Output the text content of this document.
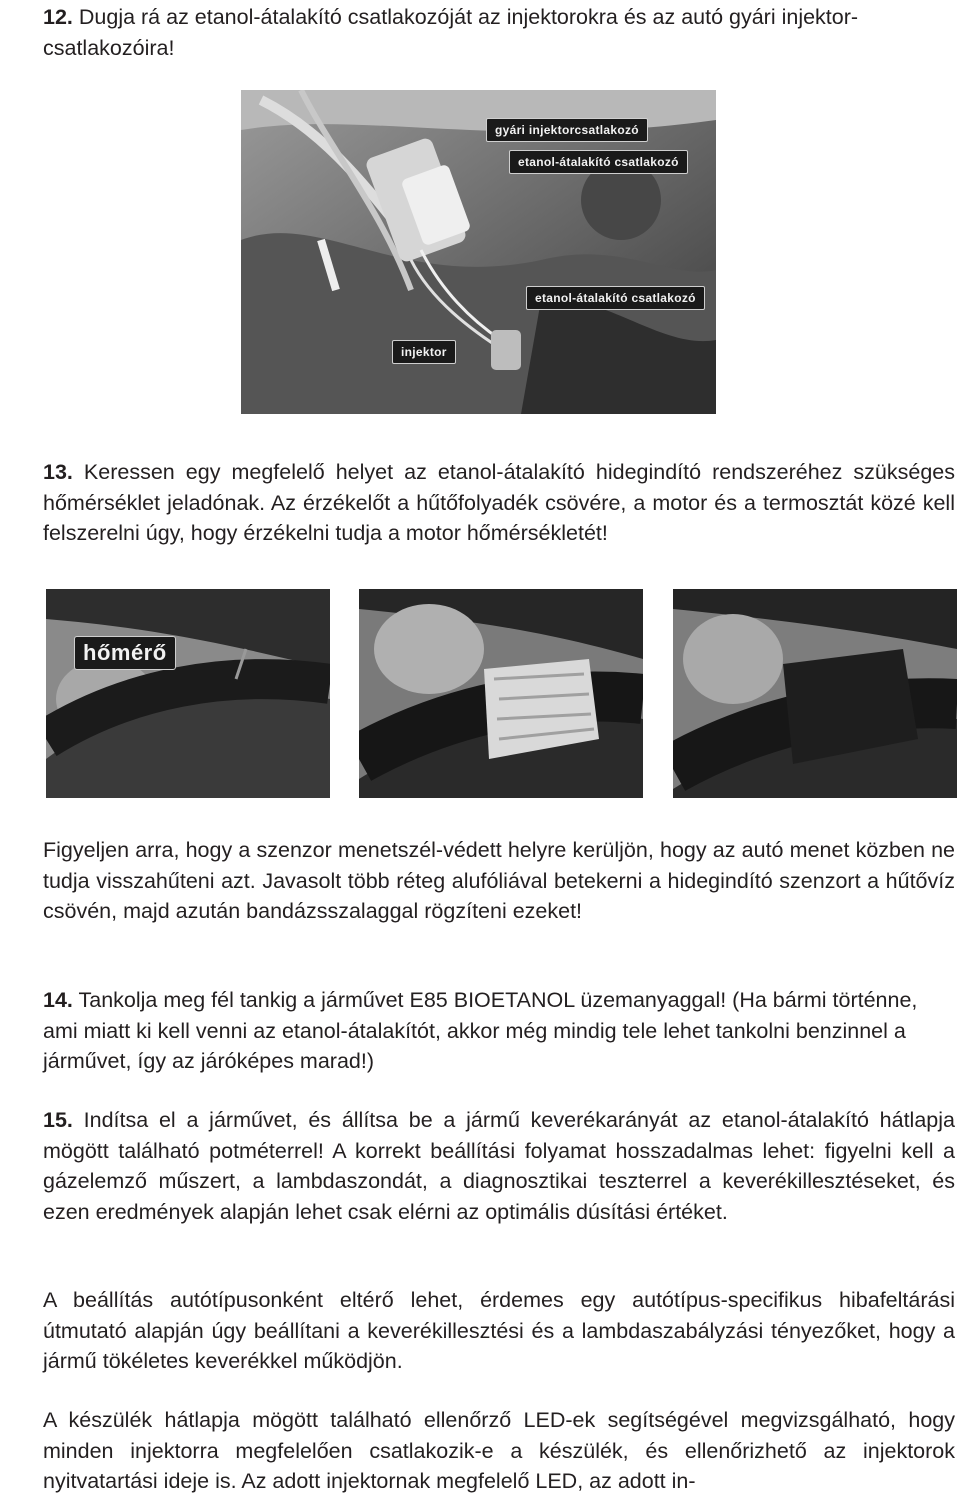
12. Dugja rá az etanol-átalakító csatlakozóját az injektorokra és az autó gyári injektor-csatlakozóira!

gyári injektorcsatlakozó
etanol-átalakító csatlakozó
etanol-átalakító csatlakozó
injektor

13. Keressen egy megfelelő helyet az etanol-átalakító hidegindító rendszeréhez szükséges hőmérséklet jeladónak. Az érzékelőt a hűtőfolyadék csövére, a motor és a termosztát közé kell felszerelni úgy, hogy érzékelni tudja a motor hőmérsékletét!

hőmérő

Figyeljen arra, hogy a szenzor menetszél-védett helyre kerüljön, hogy az autó menet közben ne tudja visszahűteni azt. Javasolt több réteg alufóliával betekerni a hidegindító szenzort a hűtővíz csövén, majd azután bandázsszalaggal rögzíteni ezeket!

14. Tankolja meg fél tankig a járművet E85 BIOETANOL üzemanyaggal! (Ha bármi történne, ami miatt ki kell venni az etanol-átalakítót, akkor még mindig tele lehet tankolni benzinnel a járművet, így az járóképes marad!)

15. Indítsa el a járművet, és állítsa be a jármű keverékarányát az etanol-átalakító hátlapja mögött található potméterrel! A korrekt beállítási folyamat hosszadalmas lehet: figyelni kell a gázelemző műszert, a lambdaszondát, a diagnosztikai teszterrel a keverékillesztéseket, és ezen eredmények alapján lehet csak elérni az optimális dúsítási értéket.

A beállítás autótípusonként eltérő lehet, érdemes egy autótípus-specifikus hibafeltárási útmutató alapján úgy beállítani a keverékillesztési és a lambdaszabályzási tényezőket, hogy a jármű tökéletes keverékkel működjön.

A készülék hátlapja mögött található ellenőrző LED-ek segítségével megvizsgálható, hogy minden injektorra megfelelően csatlakozik-e a készülék, és ellenőrizhető az injektorok nyitvatartási ideje is. Az adott injektornak megfelelő LED, az adott in-
